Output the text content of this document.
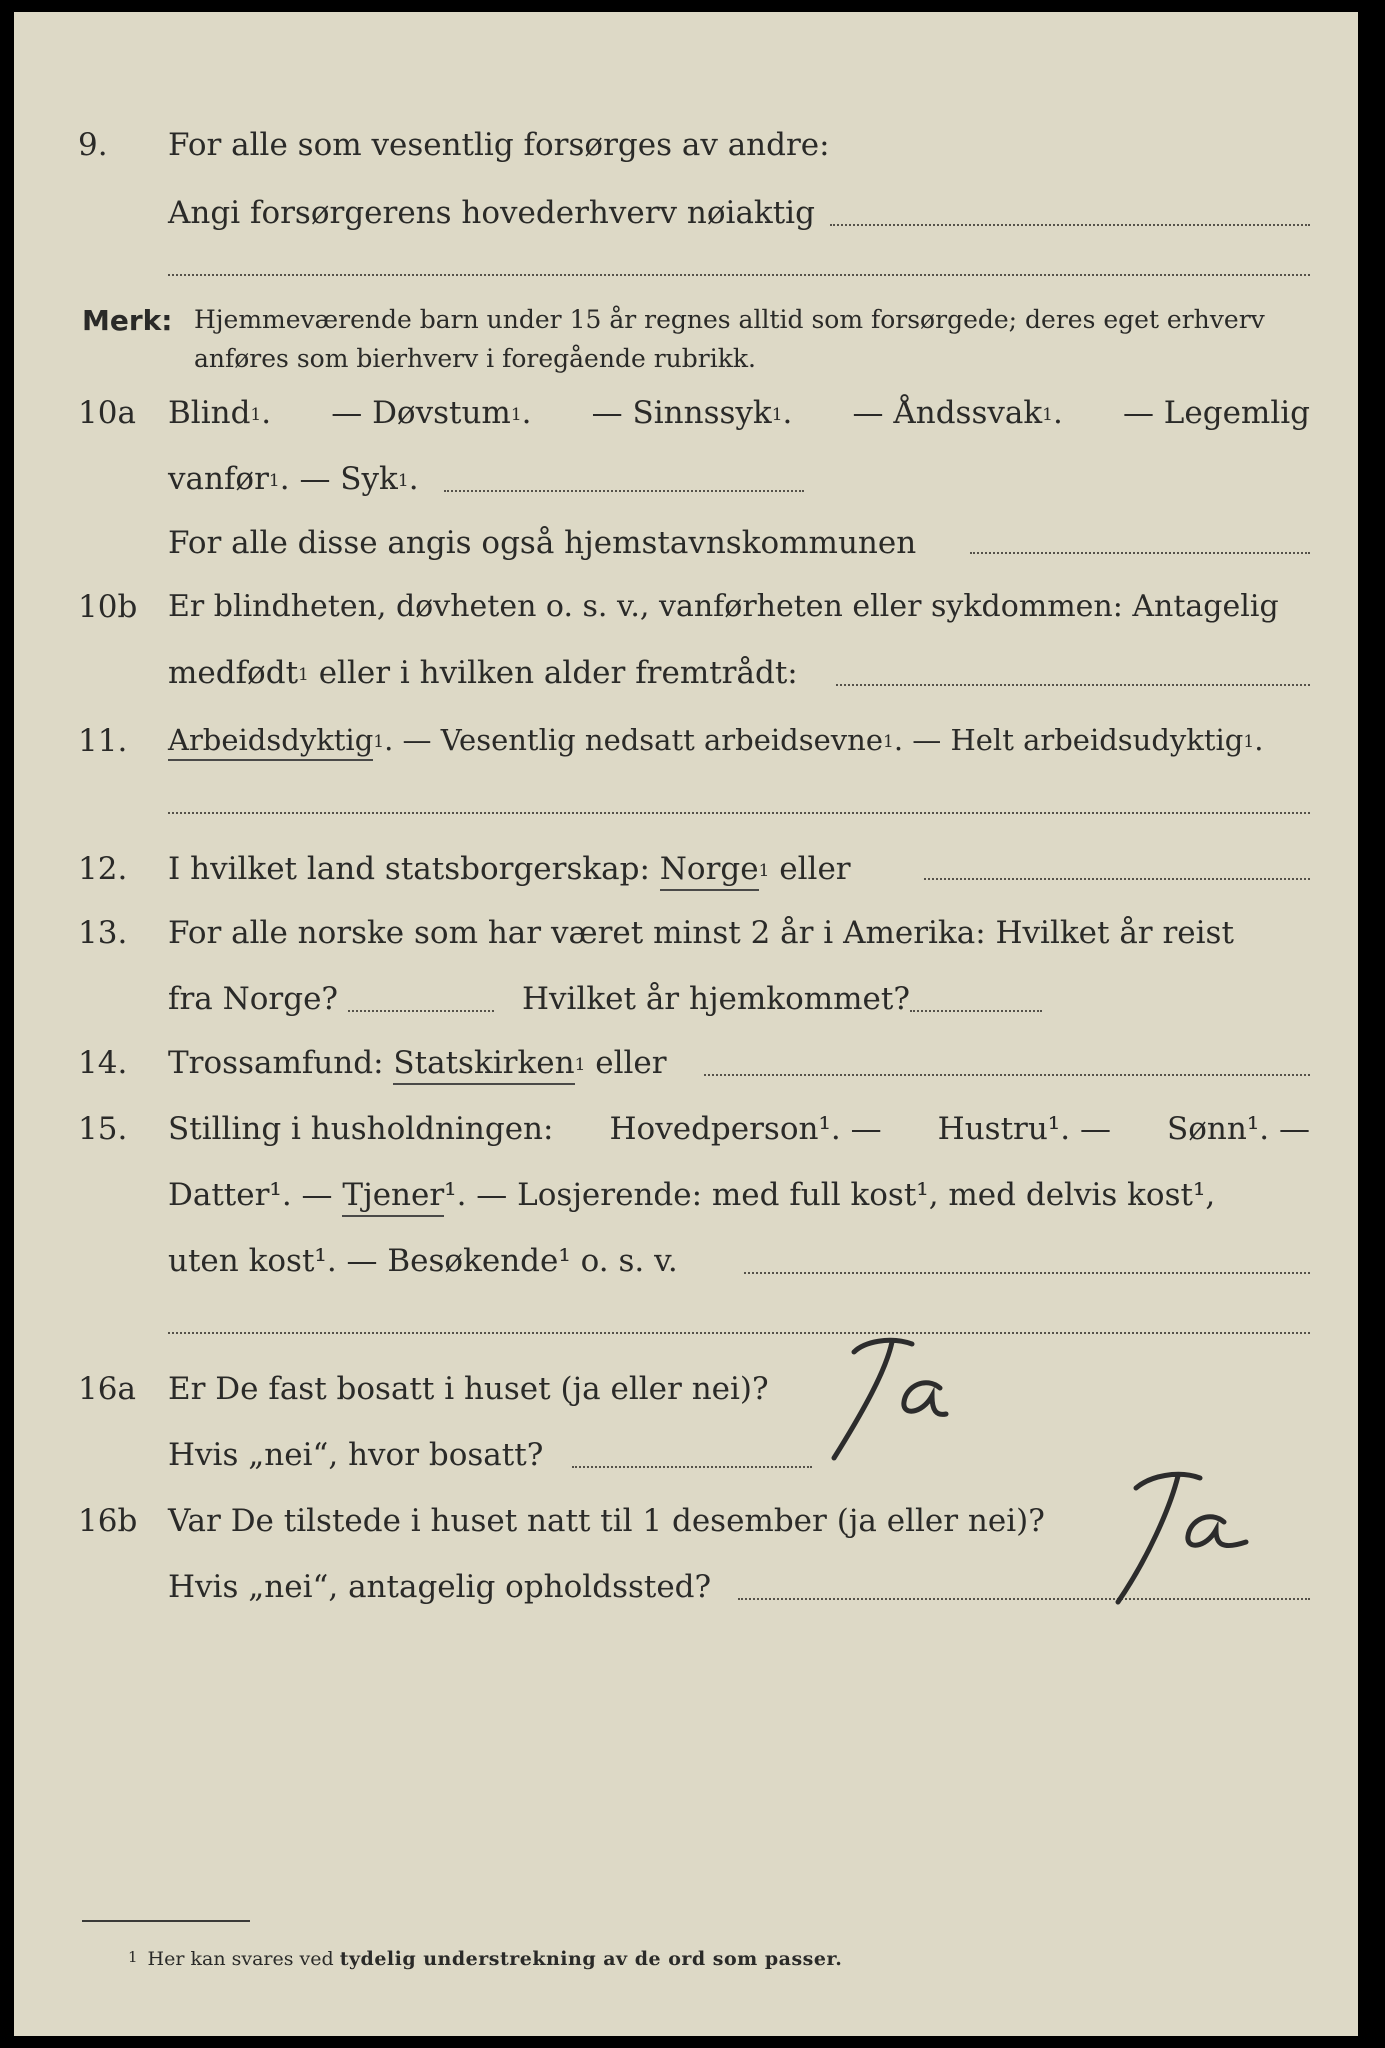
9. For alle som vesentlig forsørges av andre:
Angi forsørgerens hovederhverv nøiaktig
Merk: Hjemmeværende barn under 15 år regnes alltid som forsørgede; deres eget erhverv
anføres som bierhverv i foregående rubrikk.
10a Blind$^1$. — Døvstum$^1$. — Sinnssyk$^1$. — Åndssvak$^1$. — Legemlig
vanfør$^1$. — Syk$^1$.
For alle disse angis også hjemstavnskommunen
10b Er blindheten, døvheten o. s. v., vanførheten eller sykdommen: Antagelig
medfødt$^1$ eller i hvilken alder fremtrådt:
11. Arbeidsdyktig$^1$. — Vesentlig nedsatt arbeidsevne$^1$. — Helt arbeidsudyktig$^1$.
12. I hvilket land statsborgerskap: Norge$^1$ eller
13. For alle norske som har været minst 2 år i Amerika: Hvilket år reist
fra Norge?	Hvilket år hjemkommet?
14. Trossamfund: Statskirken$^1$ eller
15. Stilling i husholdningen: Hovedperson¹. — Hustru¹. — Sønn¹. —
Datter¹. — Tjener¹. — Losjerende: med full kost¹, med delvis kost¹,
uten kost¹. — Besøkende¹ o. s. v.
16a Er De fast bosatt i huset (ja eller nei)?
Hvis „nei“, hvor bosatt?
16b Var De tilstede i huset natt til 1 desember (ja eller nei)?
Hvis „nei“, antagelig opholdssted?
1 Her kan svares ved tydelig understrekning av de ord som passer.
